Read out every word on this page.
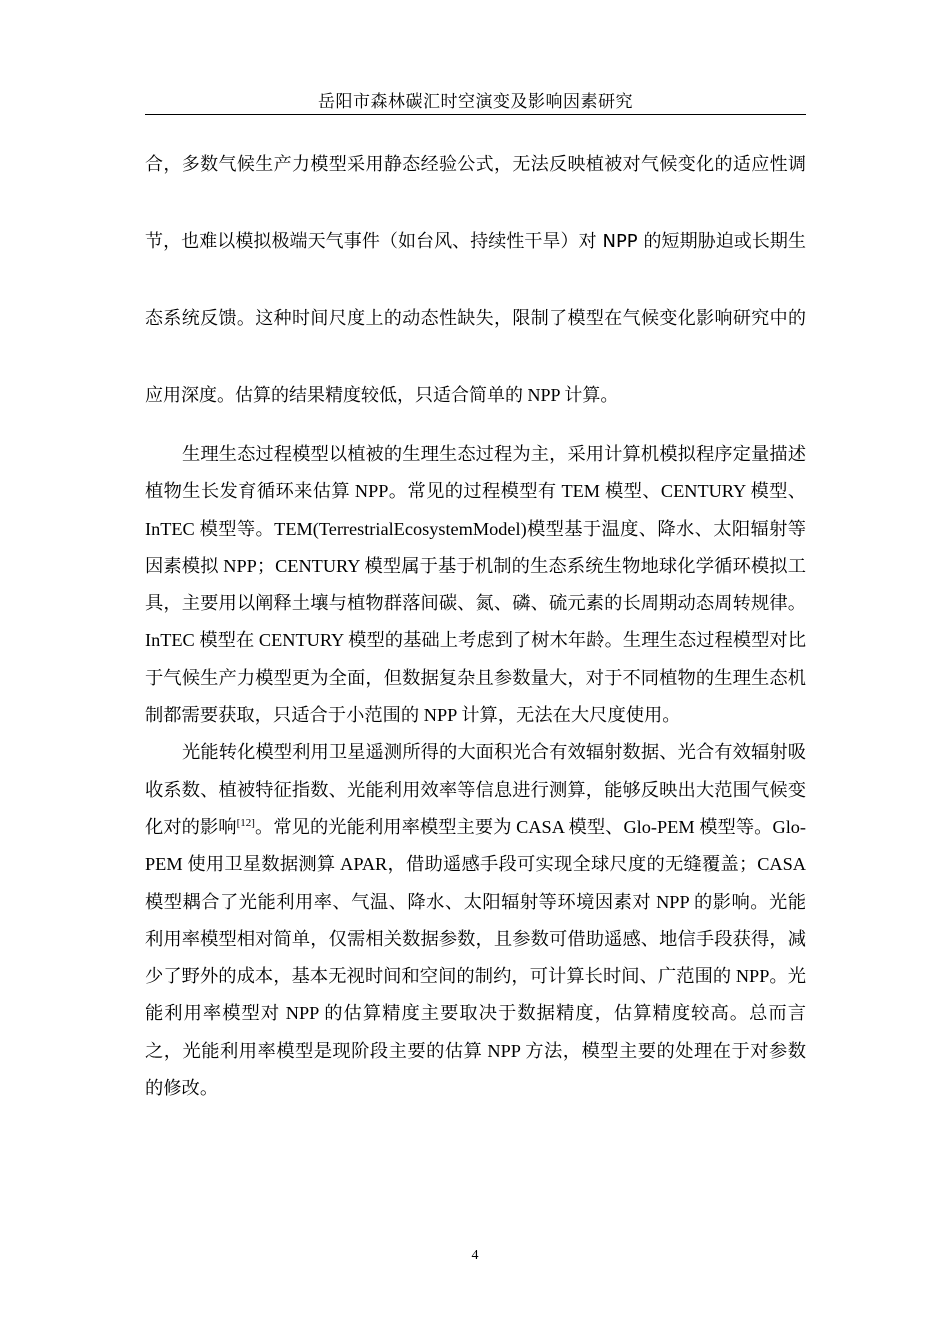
岳阳市森林碳汇时空演变及影响因素研究

合，多数气候生产力模型采用静态经验公式，无法反映植被对气候变化的适应性调节，也难以模拟极端天气事件（如台风、持续性干旱）对 NPP 的短期胁迫或长期生态系统反馈。这种时间尺度上的动态性缺失，限制了模型在气候变化影响研究中的应用深度。估算的结果精度较低，只适合简单的 NPP 计算。

生理生态过程模型以植被的生理生态过程为主，采用计算机模拟程序定量描述植物生长发育循环来估算 NPP。常见的过程模型有 TEM 模型、CENTURY 模型、InTEC 模型等。TEM(TerrestrialEcosystemModel)模型基于温度、降水、太阳辐射等因素模拟 NPP；CENTURY 模型属于基于机制的生态系统生物地球化学循环模拟工具，主要用以阐释土壤与植物群落间碳、氮、磷、硫元素的长周期动态周转规律。InTEC 模型在 CENTURY 模型的基础上考虑到了树木年龄。生理生态过程模型对比于气候生产力模型更为全面，但数据复杂且参数量大，对于不同植物的生理生态机制都需要获取，只适合于小范围的 NPP 计算，无法在大尺度使用。

光能转化模型利用卫星遥测所得的大面积光合有效辐射数据、光合有效辐射吸收系数、植被特征指数、光能利用效率等信息进行测算，能够反映出大范围气候变化对的影响[12]。常见的光能利用率模型主要为 CASA 模型、Glo-PEM 模型等。Glo-PEM 使用卫星数据测算 APAR，借助遥感手段可实现全球尺度的无缝覆盖；CASA 模型耦合了光能利用率、气温、降水、太阳辐射等环境因素对 NPP 的影响。光能利用率模型相对简单，仅需相关数据参数，且参数可借助遥感、地信手段获得，减少了野外的成本，基本无视时间和空间的制约，可计算长时间、广范围的 NPP。光能利用率模型对 NPP 的估算精度主要取决于数据精度，估算精度较高。总而言之，光能利用率模型是现阶段主要的估算 NPP 方法，模型主要的处理在于对参数的修改。

4
